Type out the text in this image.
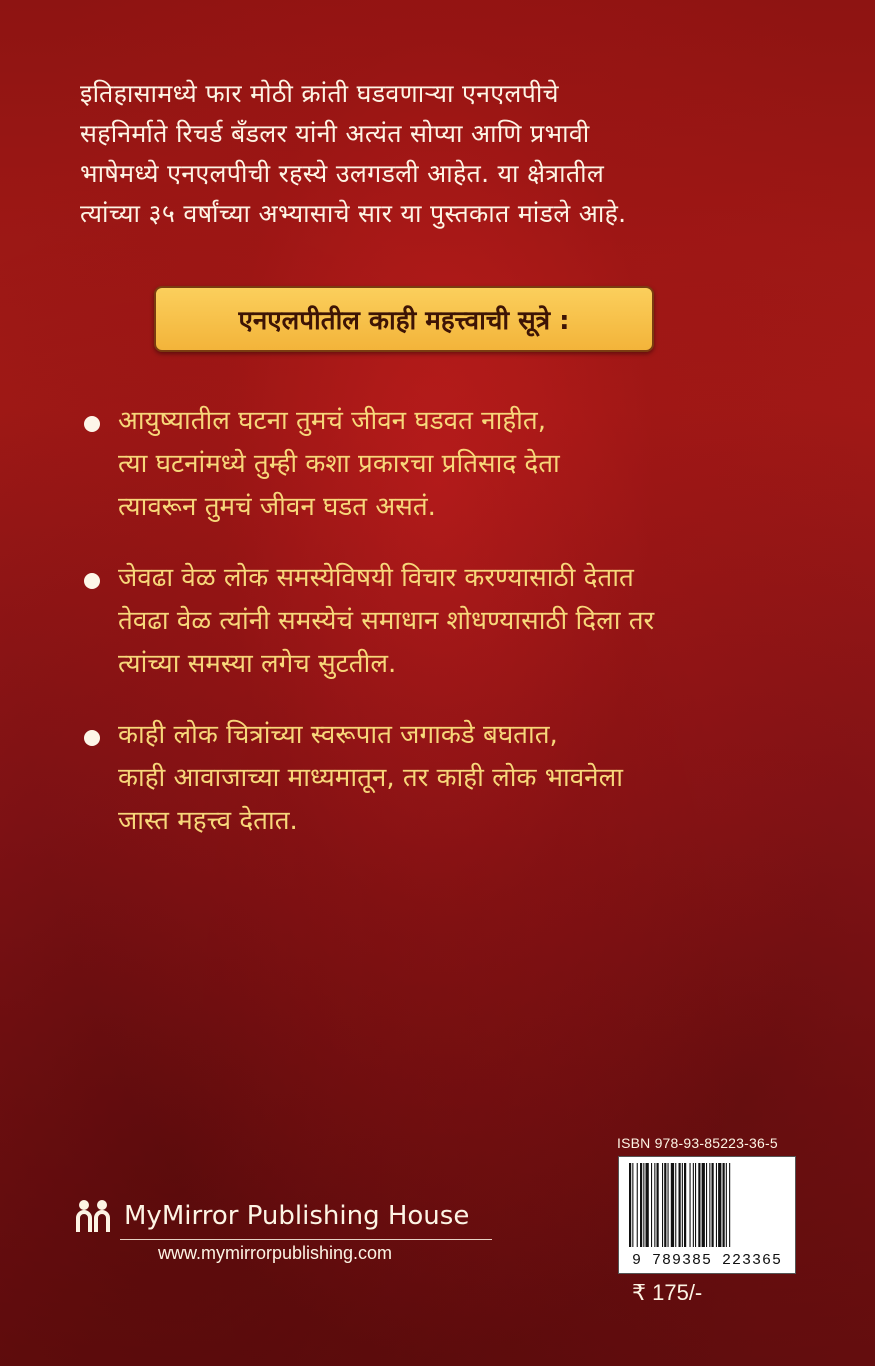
इतिहासामध्ये फार मोठी क्रांती घडवणाऱ्या एनएलपीचे

सहनिर्माते रिचर्ड बँडलर यांनी अत्यंत सोप्या आणि प्रभावी

भाषेमध्ये एनएलपीची रहस्ये उलगडली आहेत. या क्षेत्रातील

त्यांच्या ३५ वर्षांच्या अभ्यासाचे सार या पुस्तकात मांडले आहे.

एनएलपीतील काही महत्त्वाची सूत्रे :
आयुष्यातील घटना तुमचं जीवन घडवत नाहीत,
त्या घटनांमध्ये तुम्ही कशा प्रकारचा प्रतिसाद देता
त्यावरून तुमचं जीवन घडत असतं.
जेवढा वेळ लोक समस्येविषयी विचार करण्यासाठी देतात
तेवढा वेळ त्यांनी समस्येचं समाधान शोधण्यासाठी दिला तर
त्यांच्या समस्या लगेच सुटतील.
काही लोक चित्रांच्या स्वरूपात जगाकडे बघतात,
काही आवाजाच्या माध्यमातून, तर काही लोक भावनेला
जास्त महत्त्व देतात.
MyMirror Publishing House
www.mymirrorpublishing.com
ISBN 978-93-85223-36-5
9 789385 223365
₹ 175/-
